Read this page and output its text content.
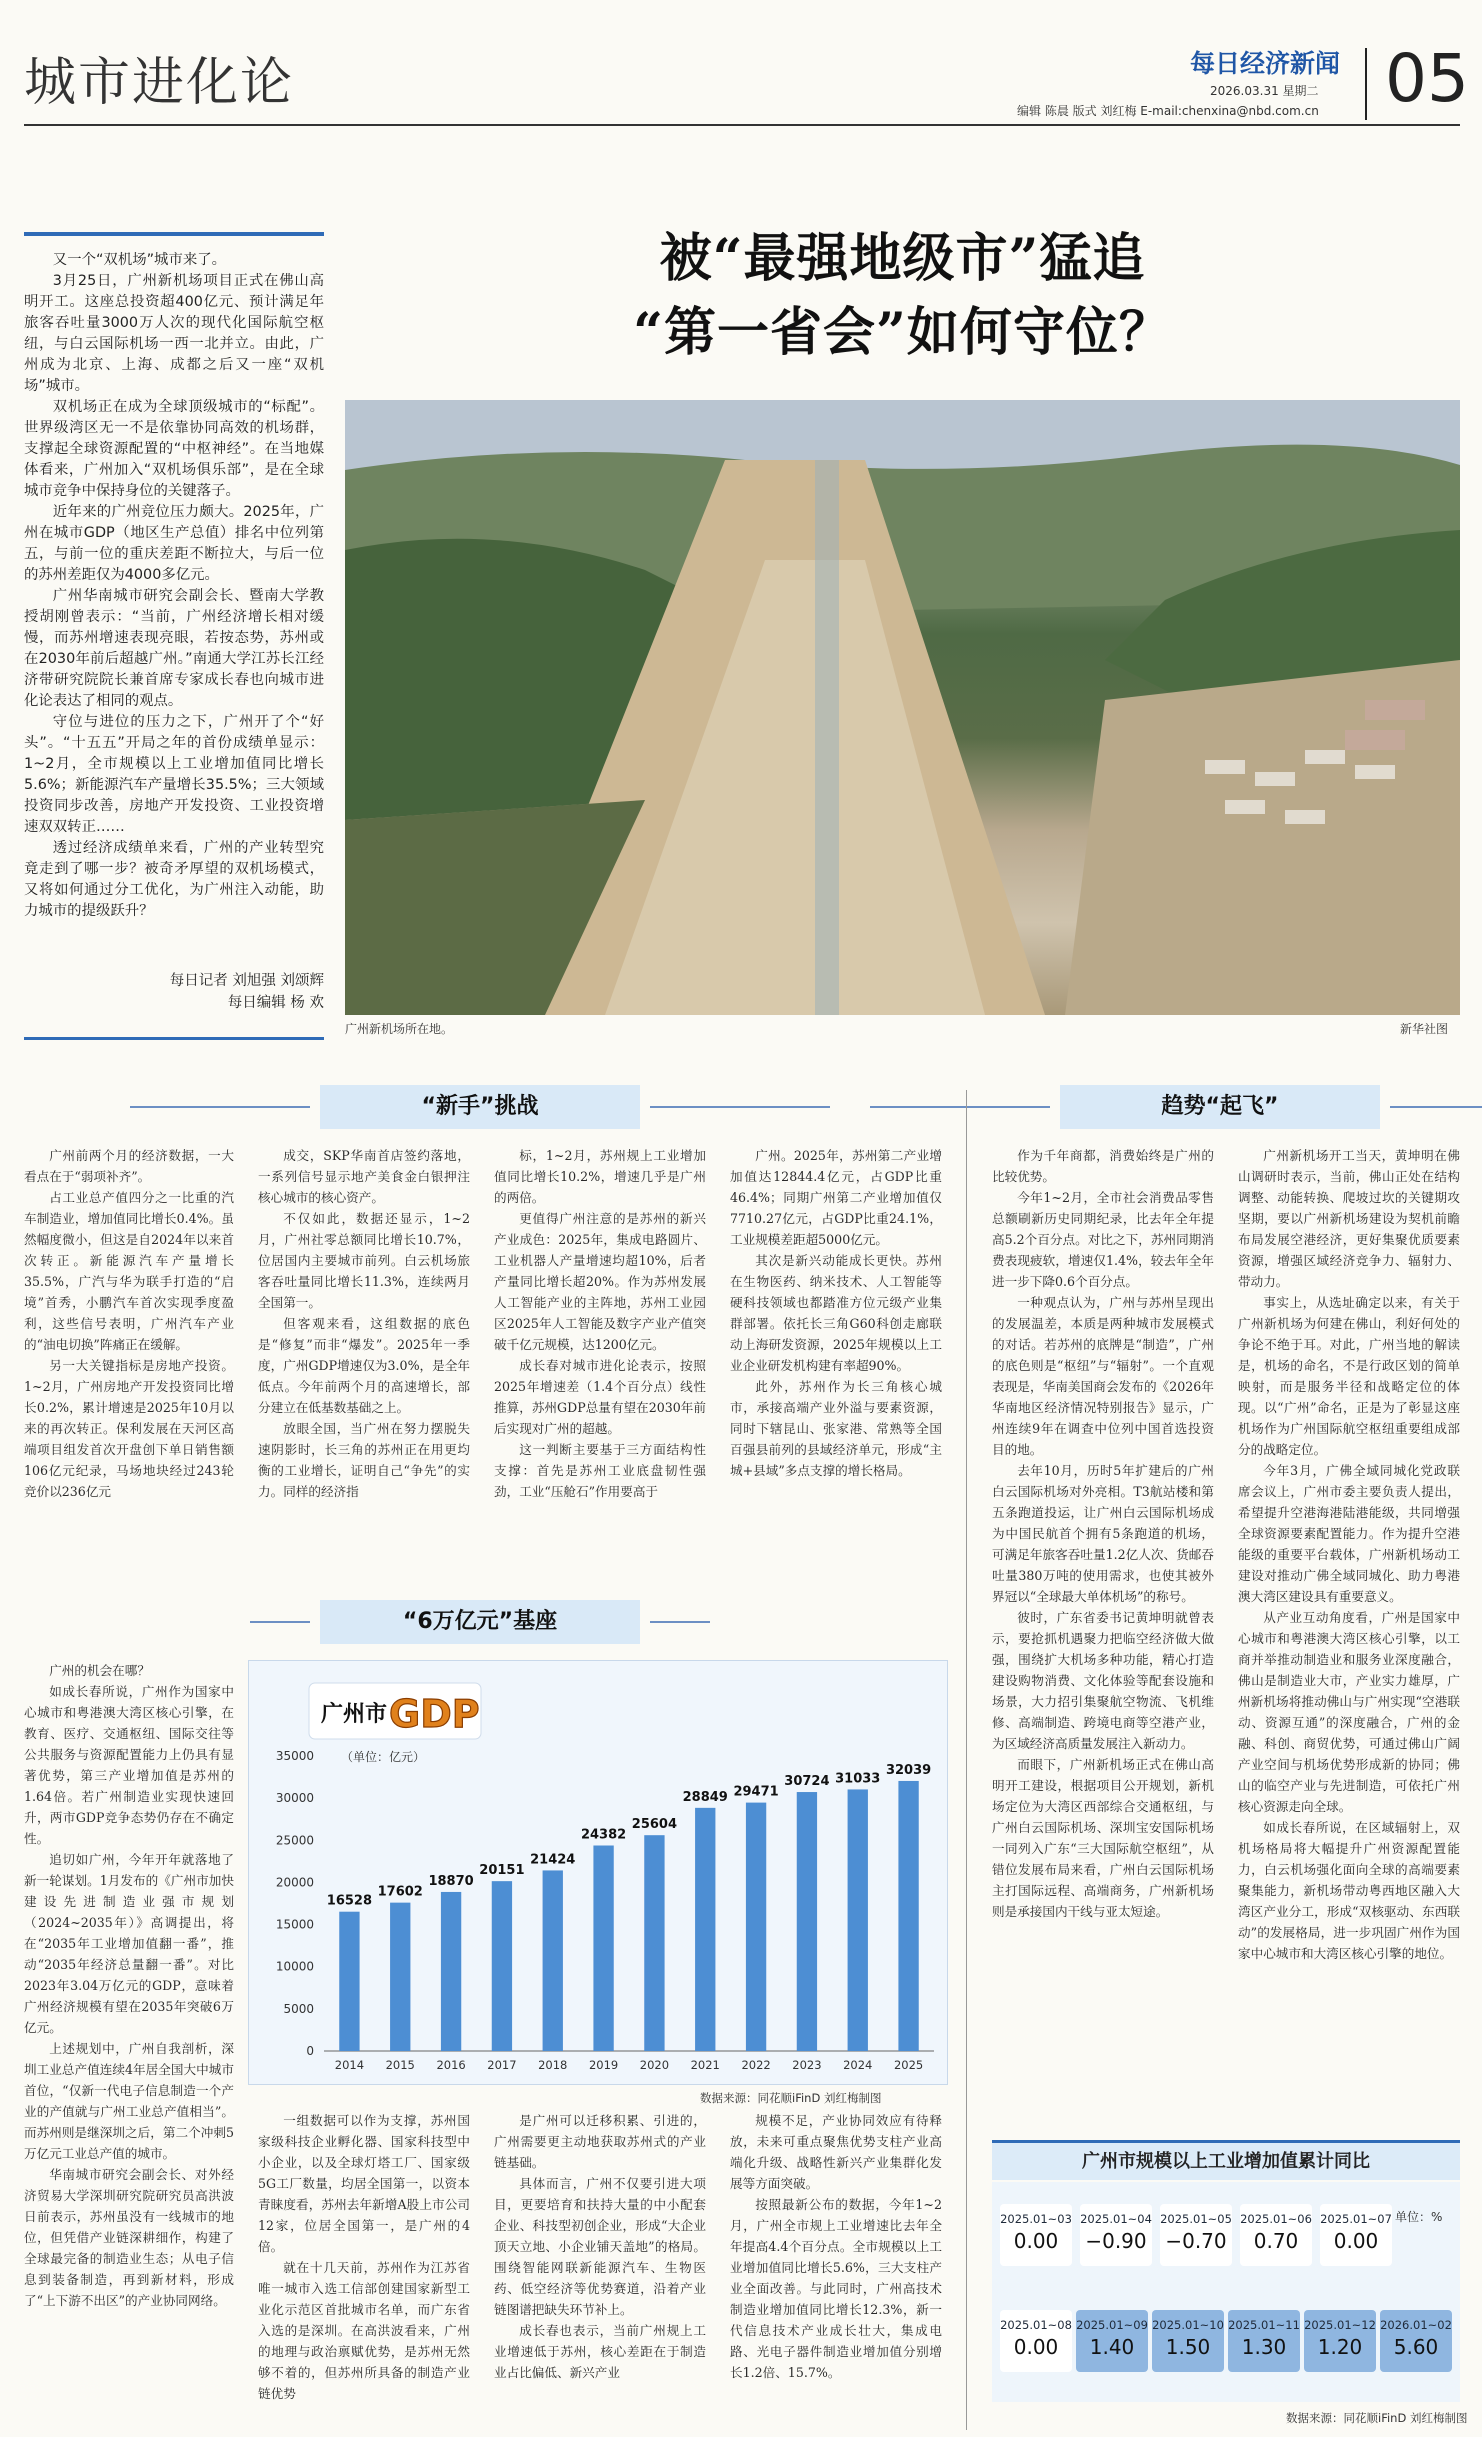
城市进化论	每日经济新闻
2026.03.31 星期二
编辑 陈晨 版式 刘红梅 E-mail:chenxina@nbd.com.cn 05

又一个“双机场”城市来了。

3月25日，广州新机场项目正式在佛山高明开工。这座总投资超400亿元、预计满足年旅客吞吐量3000万人次的现代化国际航空枢纽，与白云国际机场一西一北并立。由此，广州成为北京、上海、成都之后又一座“双机场”城市。

双机场正在成为全球顶级城市的“标配”。世界级湾区无一不是依靠协同高效的机场群，支撑起全球资源配置的“中枢神经”。在当地媒体看来，广州加入“双机场俱乐部”，是在全球城市竞争中保持身位的关键落子。

近年来的广州竞位压力颇大。2025年，广州在城市GDP（地区生产总值）排名中位列第五，与前一位的重庆差距不断拉大，与后一位的苏州差距仅为4000多亿元。

广州华南城市研究会副会长、暨南大学教授胡刚曾表示：“当前，广州经济增长相对缓慢，而苏州增速表现亮眼，若按态势，苏州或在2030年前后超越广州。”南通大学江苏长江经济带研究院院长兼首席专家成长春也向城市进化论表达了相同的观点。

守位与进位的压力之下，广州开了个“好头”。“十五五”开局之年的首份成绩单显示：1~2月，全市规模以上工业增加值同比增长5.6%；新能源汽车产量增长35.5%；三大领域投资同步改善，房地产开发投资、工业投资增速双双转正……

透过经济成绩单来看，广州的产业转型究竟走到了哪一步？被奇矛厚望的双机场模式，又将如何通过分工优化，为广州注入动能，助力城市的提级跃升？

每日记者 刘旭强 刘颂辉
每日编辑 杨 欢
被“最强地级市”猛追
“第一省会”如何守位？
广州新机场所在地。	新华社图
“新手”挑战	趋势“起飞”
“6万亿元”基座

广州前两个月的经济数据，一大看点在于“弱项补齐”。

占工业总产值四分之一比重的汽车制造业，增加值同比增长0.4%。虽然幅度微小，但这是自2024年以来首次转正。新能源汽车产量增长35.5%，广汽与华为联手打造的“启境”首秀，小鹏汽车首次实现季度盈利，这些信号表明，广州汽车产业的“油电切换”阵痛正在缓解。

另一大关键指标是房地产投资。1~2月，广州房地产开发投资同比增长0.2%，累计增速是2025年10月以来的再次转正。保利发展在天河区高端项目组发首次开盘创下单日销售额106亿元纪录，马场地块经过243轮竞价以236亿元

成交，SKP华南首店签约落地，一系列信号显示地产美食金白银押注核心城市的核心资产。

不仅如此，数据还显示，1~2月，广州社零总额同比增长10.7%，位居国内主要城市前列。白云机场旅客吞吐量同比增长11.3%，连续两月全国第一。

但客观来看，这组数据的底色是“修复”而非“爆发”。2025年一季度，广州GDP增速仅为3.0%，是全年低点。今年前两个月的高速增长，部分建立在低基数基础之上。

放眼全国，当广州在努力摆脱失速阴影时，长三角的苏州正在用更均衡的工业增长，证明自己“争先”的实力。同样的经济指

标，1~2月，苏州规上工业增加值同比增长10.2%，增速几乎是广州的两倍。

更值得广州注意的是苏州的新兴产业成色：2025年，集成电路圆片、工业机器人产量增速均超10%，后者产量同比增长超20%。作为苏州发展人工智能产业的主阵地，苏州工业园区2025年人工智能及数字产业产值突破千亿元规模，达1200亿元。

成长春对城市进化论表示，按照2025年增速差（1.4个百分点）线性推算，苏州GDP总量有望在2030年前后实现对广州的超越。

这一判断主要基于三方面结构性支撑：首先是苏州工业底盘韧性强劲，工业“压舱石”作用要高于

广州。2025年，苏州第二产业增加值达12844.4亿元，占GDP比重46.4%；同期广州第二产业增加值仅7710.27亿元，占GDP比重24.1%，工业规模差距超5000亿元。

其次是新兴动能成长更快。苏州在生物医药、纳米技术、人工智能等硬科技领域也都踏准方位元级产业集群部署。依托长三角G60科创走廊联动上海研发资源，2025年规模以上工业企业研发机构建有率超90%。

此外，苏州作为长三角核心城市，承接高端产业外溢与要素资源，同时下辖昆山、张家港、常熟等全国百强县前列的县域经济单元，形成“主城+县域”多点支撑的增长格局。

广州的机会在哪？

如成长春所说，广州作为国家中心城市和粤港澳大湾区核心引擎，在教育、医疗、交通枢纽、国际交往等公共服务与资源配置能力上仍具有显著优势，第三产业增加值是苏州的1.64倍。若广州制造业实现快速回升，两市GDP竞争态势仍存在不确定性。

追切如广州，今年开年就落地了新一轮谋划。1月发布的《广州市加快建设先进制造业强市规划（2024~2035年）》高调提出，将在“2035年工业增加值翻一番”，推动“2035年经济总量翻一番”。对比2023年3.04万亿元的GDP，意味着广州经济规模有望在2035年突破6万亿元。

上述规划中，广州自我剖析，深圳工业总产值连续4年居全国大中城市首位，“仅新一代电子信息制造一个产业的产值就与广州工业总产值相当”。而苏州则是继深圳之后，第二个冲刺5万亿元工业总产值的城市。

华南城市研究会副会长、对外经济贸易大学深圳研究院研究员高洪波日前表示，苏州虽没有一线城市的地位，但凭借产业链深耕细作，构建了全球最完备的制造业生态；从电子信息到装备制造，再到新材料，形成了“上下游不出区”的产业协同网络。

一组数据可以作为支撑，苏州国家级科技企业孵化器、国家科技型中小企业，以及全球灯塔工厂、国家级5G工厂数量，均居全国第一，以资本青睐度看，苏州去年新增A股上市公司12家，位居全国第一，是广州的4倍。

就在十几天前，苏州作为江苏省唯一城市入选工信部创建国家新型工业化示范区首批城市名单，而广东省入选的是深圳。在高洪波看来，广州的地理与政治禀赋优势，是苏州无然够不着的，但苏州所具备的制造产业链优势

是广州可以迁移积累、引进的，广州需要更主动地获取苏州式的产业链基础。

具体而言，广州不仅要引进大项目，更要培育和扶持大量的中小配套企业、科技型初创企业，形成“大企业顶天立地、小企业铺天盖地”的格局。围绕智能网联新能源汽车、生物医药、低空经济等优势赛道，沿着产业链图谱把缺失环节补上。

成长春也表示，当前广州规上工业增速低于苏州，核心差距在于制造业占比偏低、新兴产业

规模不足，产业协同效应有待释放，未来可重点聚焦优势支柱产业高端化升级、战略性新兴产业集群化发展等方面突破。

按照最新公布的数据，今年1~2月，广州全市规上工业增速比去年全年提高4.4个百分点。全市规模以上工业增加值同比增长5.6%，三大支柱产业全面改善。与此同时，广州高技术制造业增加值同比增长12.3%，新一代信息技术产业成长壮大，集成电路、光电子器件制造业增加值分别增长1.2倍、15.7%。

作为千年商都，消费始终是广州的比较优势。

今年1~2月，全市社会消费品零售总额刷新历史同期纪录，比去年全年提高5.2个百分点。对比之下，苏州同期消费表现疲软，增速仅1.4%，较去年全年进一步下降0.6个百分点。

一种观点认为，广州与苏州呈现出的发展温差，本质是两种城市发展模式的对话。若苏州的底牌是“制造”，广州的底色则是“枢纽”与“辐射”。一个直观表现是，华南美国商会发布的《2026年华南地区经济情况特别报告》显示，广州连续9年在调查中位列中国首选投资目的地。

去年10月，历时5年扩建后的广州白云国际机场对外亮相。T3航站楼和第五条跑道投运，让广州白云国际机场成为中国民航首个拥有5条跑道的机场，可满足年旅客吞吐量1.2亿人次、货邮吞吐量380万吨的使用需求，也使其被外界冠以“全球最大单体机场”的称号。

彼时，广东省委书记黄坤明就曾表示，要抢抓机遇聚力把临空经济做大做强，围绕扩大机场多种功能，精心打造建设购物消费、文化体验等配套设施和场景，大力招引集聚航空物流、飞机维修、高端制造、跨境电商等空港产业，为区域经济高质量发展注入新动力。

而眼下，广州新机场正式在佛山高明开工建设，根据项目公开规划，新机场定位为大湾区西部综合交通枢纽，与广州白云国际机场、深圳宝安国际机场一同列入广东“三大国际航空枢纽”，从错位发展布局来看，广州白云国际机场主打国际远程、高端商务，广州新机场则是承接国内干线与亚太短途。

广州新机场开工当天，黄坤明在佛山调研时表示，当前，佛山正处在结构调整、动能转换、爬坡过坎的关键期攻坚期，要以广州新机场建设为契机前瞻布局发展空港经济，更好集聚优质要素资源，增强区域经济竞争力、辐射力、带动力。

事实上，从选址确定以来，有关于广州新机场为何建在佛山，利好何处的争论不绝于耳。对此，广州当地的解读是，机场的命名，不是行政区划的简单映射，而是服务半径和战略定位的体现。以“广州”命名，正是为了彰显这座机场作为广州国际航空枢纽重要组成部分的战略定位。

今年3月，广佛全域同城化党政联席会议上，广州市委主要负责人提出，希望提升空港海港陆港能级，共同增强全球资源要素配置能力。作为提升空港能级的重要平台载体，广州新机场动工建设对推动广佛全域同城化、助力粤港澳大湾区建设具有重要意义。

从产业互动角度看，广州是国家中心城市和粤港澳大湾区核心引擎，以工商并举推动制造业和服务业深度融合，佛山是制造业大市，产业实力雄厚，广州新机场将推动佛山与广州实现“空港联动、资源互通”的深度融合，广州的金融、科创、商贸优势，可通过佛山广阔产业空间与机场优势形成新的协同；佛山的临空产业与先进制造，可依托广州核心资源走向全球。

如成长春所说，在区域辐射上，双机场格局将大幅提升广州资源配置能力，白云机场强化面向全球的高端要素聚集能力，新机场带动粤西地区融入大湾区产业分工，形成“双核驱动、东西联动”的发展格局，进一步巩固广州作为国家中心城市和大湾区核心引擎的地位。

广州市 GDP
（单位：亿元）
0
5000
10000
15000
20000
25000
30000
35000
16528
17602
18870
20151
21424
24382
25604
28849 29471
30724 31033
32039
2014 2015 2016 2017 2018 2019 2020 2021 2022 2023 2024 2025
数据来源：同花顺iFinD 刘红梅制图
广州市规模以上工业增加值累计同比
2025.01~03
0.00
2025.01~04
−0.90
2025.01~05
−0.70
2025.01~06
0.70
2025.01~07
0.00
2025.01~08
0.00
2025.01~09
1.40
2025.01~10
1.50
2025.01~11
1.30
2025.01~12
1.20
2026.01~02
5.60
单位：%
数据来源：同花顺iFinD 刘红梅制图
